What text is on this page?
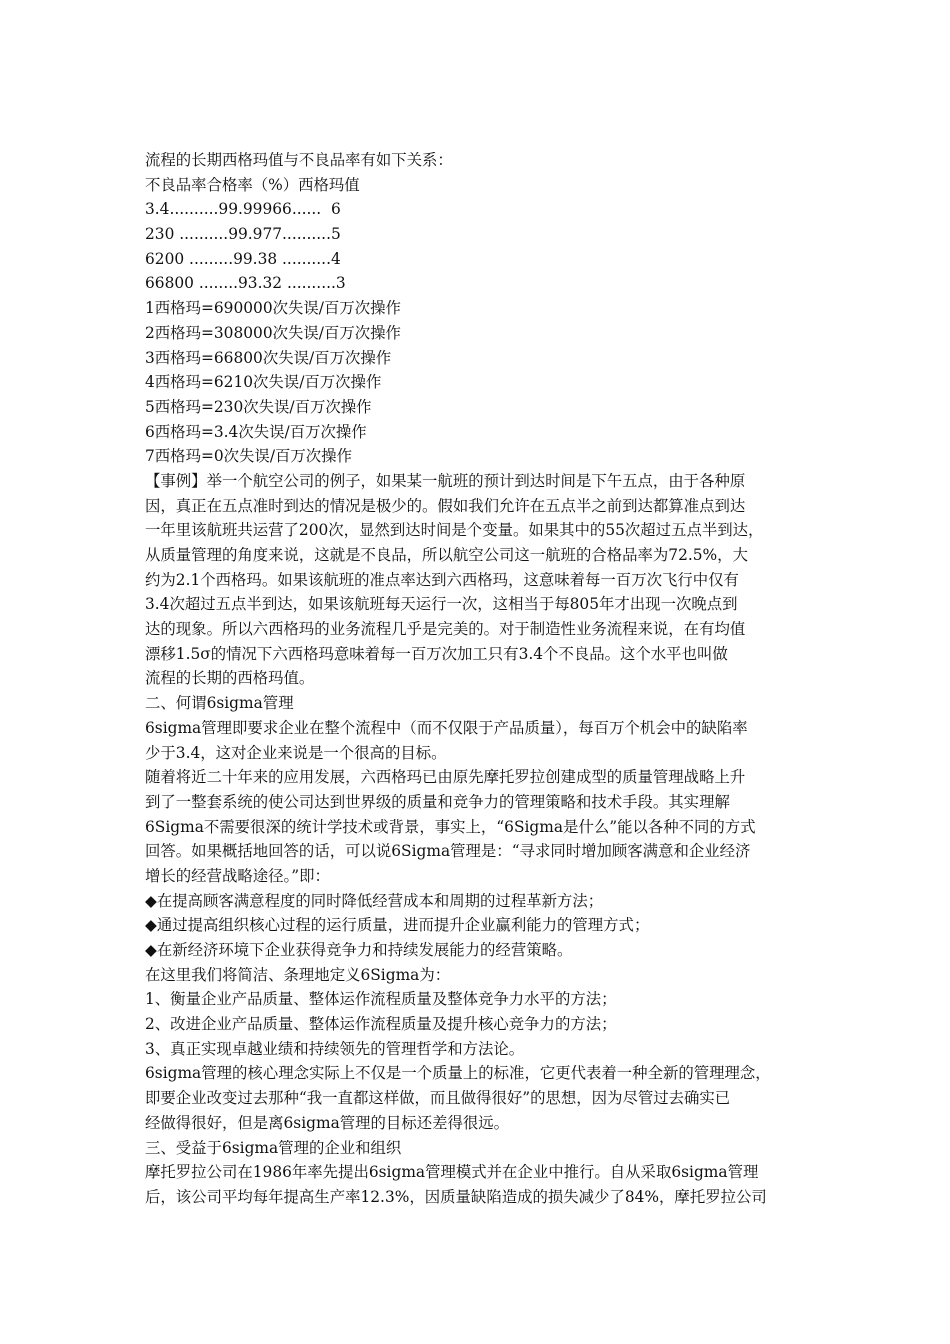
流程的长期西格玛值与不良品率有如下关系：
不良品率合格率（%）西格玛值
3.4..........99.99966......  6
230 ..........99.977..........5
6200 .........99.38 ..........4
66800 ........93.32 ..........3
1西格玛=690000次失误/百万次操作
2西格玛=308000次失误/百万次操作
3西格玛=66800次失误/百万次操作
4西格玛=6210次失误/百万次操作
5西格玛=230次失误/百万次操作
6西格玛=3.4次失误/百万次操作
7西格玛=0次失误/百万次操作
【事例】举一个航空公司的例子，如果某一航班的预计到达时间是下午五点，由于各种原
因，真正在五点准时到达的情况是极少的。假如我们允许在五点半之前到达都算准点到达
一年里该航班共运营了200次，显然到达时间是个变量。如果其中的55次超过五点半到达，
从质量管理的角度来说，这就是不良品，所以航空公司这一航班的合格品率为72.5%，大
约为2.1个西格玛。如果该航班的准点率达到六西格玛，这意味着每一百万次飞行中仅有
3.4次超过五点半到达，如果该航班每天运行一次，这相当于每805年才出现一次晚点到
达的现象。所以六西格玛的业务流程几乎是完美的。对于制造性业务流程来说，在有均值
漂移1.5σ的情况下六西格玛意味着每一百万次加工只有3.4个不良品。这个水平也叫做
流程的长期的西格玛值。
二、何谓6sigma管理
6sigma管理即要求企业在整个流程中（而不仅限于产品质量），每百万个机会中的缺陷率
少于3.4，这对企业来说是一个很高的目标。
随着将近二十年来的应用发展，六西格玛已由原先摩托罗拉创建成型的质量管理战略上升
到了一整套系统的使公司达到世界级的质量和竞争力的管理策略和技术手段。其实理解
6Sigma不需要很深的统计学技术或背景，事实上，“6Sigma是什么”能以各种不同的方式
回答。如果概括地回答的话，可以说6Sigma管理是：“寻求同时增加顾客满意和企业经济
增长的经营战略途径。”即：
◆在提高顾客满意程度的同时降低经营成本和周期的过程革新方法；
◆通过提高组织核心过程的运行质量，进而提升企业赢利能力的管理方式；
◆在新经济环境下企业获得竞争力和持续发展能力的经营策略。
在这里我们将简洁、条理地定义6Sigma为：
1、衡量企业产品质量、整体运作流程质量及整体竞争力水平的方法；
2、改进企业产品质量、整体运作流程质量及提升核心竞争力的方法；
3、真正实现卓越业绩和持续领先的管理哲学和方法论。
6sigma管理的核心理念实际上不仅是一个质量上的标准，它更代表着一种全新的管理理念，
即要企业改变过去那种“我一直都这样做，而且做得很好”的思想，因为尽管过去确实已
经做得很好，但是离6sigma管理的目标还差得很远。
三、受益于6sigma管理的企业和组织
摩托罗拉公司在1986年率先提出6sigma管理模式并在企业中推行。自从采取6sigma管理
后，该公司平均每年提高生产率12.3%，因质量缺陷造成的损失减少了84%，摩托罗拉公司
